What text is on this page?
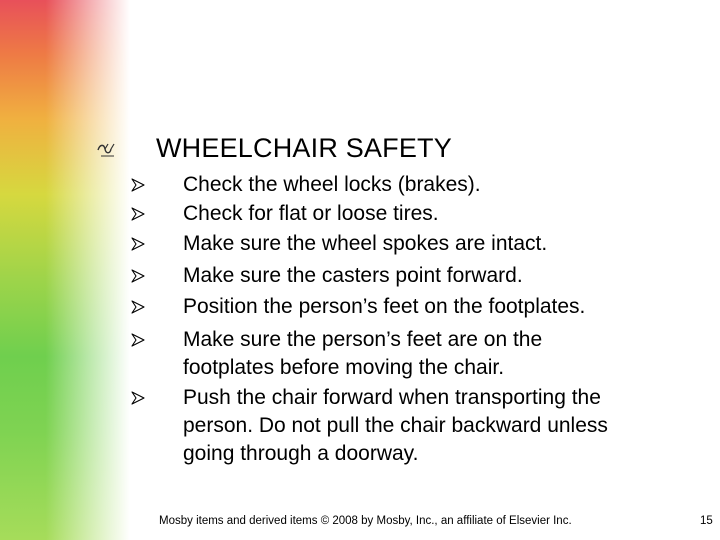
WHEELCHAIR SAFETY
Check the wheel locks (brakes).
Check for flat or loose tires.
Make sure the wheel spokes are intact.
Make sure the casters point forward.
Position the person’s feet on the footplates.
Make sure the person’s feet are on the
footplates before moving the chair.
Push the chair forward when transporting the
person. Do not pull the chair backward unless
going through a doorway.
Mosby items and derived items © 2008 by Mosby, Inc., an affiliate of Elsevier Inc.	15
